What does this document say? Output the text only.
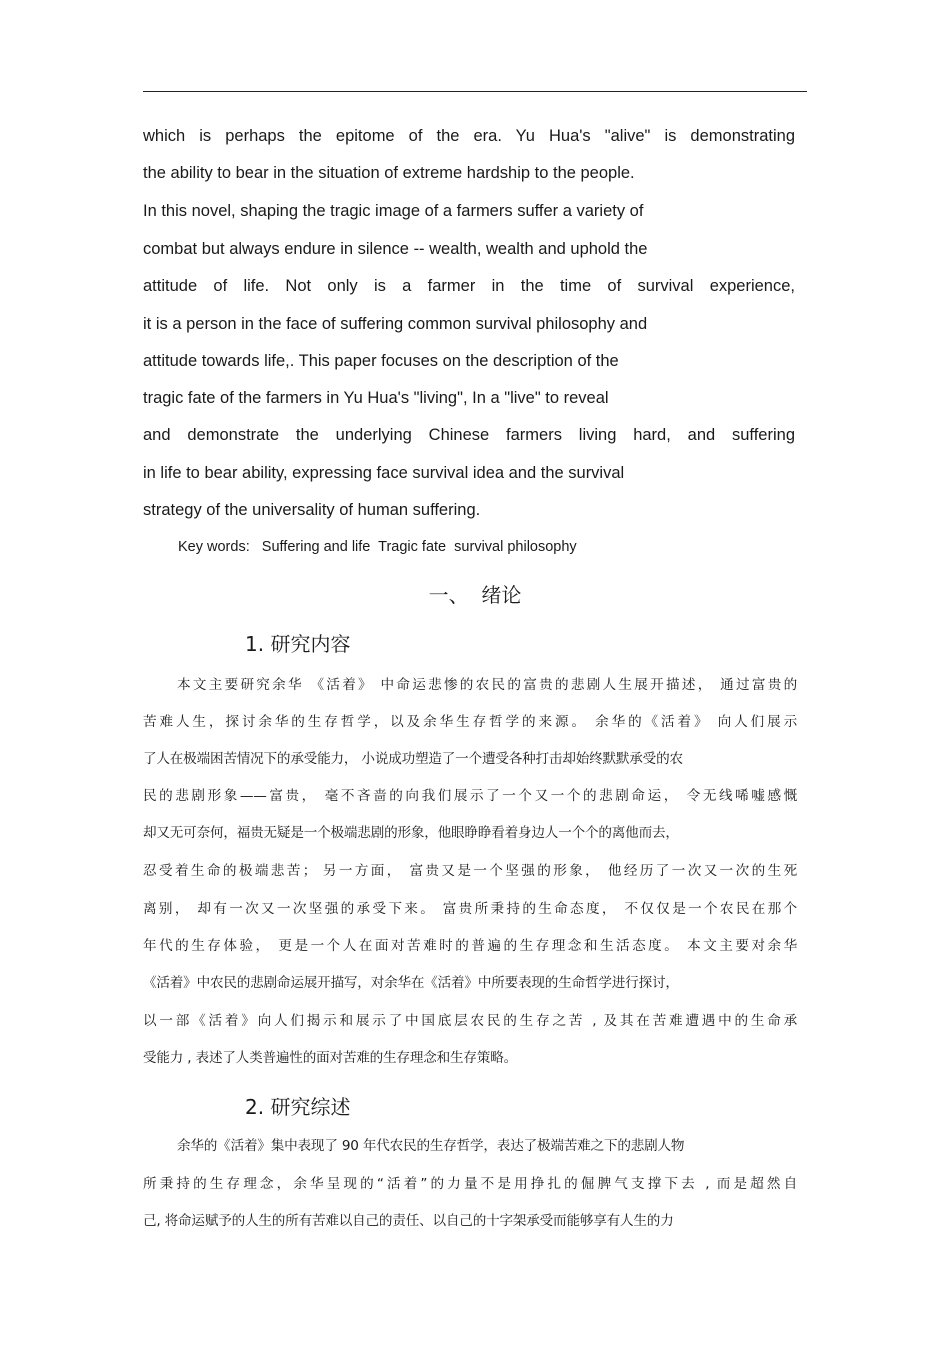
which is perhaps the epitome of the era. Yu Hua's "alive" is demonstrating
the ability to bear in the situation of extreme hardship to the people.
In this novel, shaping the tragic image of a farmers suffer a variety of
combat but always endure in silence -- wealth, wealth and uphold the
attitude of life. Not only is a farmer in the time of survival experience,
it is a person in the face of suffering common survival philosophy and
attitude towards life,. This paper focuses on the description of the
tragic fate of the farmers in Yu Hua's "living", In a "live" to reveal
and demonstrate the underlying Chinese farmers living hard, and suffering
in life to bear ability, expressing face survival idea and the survival
strategy of the universality of human suffering.
Key words:   Suffering and life  Tragic fate  survival philosophy
一、  绪论
1. 研究内容
本文主要研究余华 《活着》 中命运悲惨的农民的富贵的悲剧人生展开描述， 通过富贵的
苦难人生，探讨余华的生存哲学，以及余华生存哲学的来源。 余华的《活着》 向人们展示
了人在极端困苦情况下的承受能力， 小说成功塑造了一个遭受各种打击却始终默默承受的农
民的悲剧形象——富贵， 毫不吝啬的向我们展示了一个又一个的悲剧命运， 令无线唏嘘感慨
却又无可奈何，福贵无疑是一个极端悲剧的形象，他眼睁睁看着身边人一个个的离他而去，
忍受着生命的极端悲苦； 另一方面， 富贵又是一个坚强的形象， 他经历了一次又一次的生死
离别， 却有一次又一次坚强的承受下来。 富贵所秉持的生命态度， 不仅仅是一个农民在那个
年代的生存体验， 更是一个人在面对苦难时的普遍的生存理念和生活态度。 本文主要对余华
《活着》中农民的悲剧命运展开描写，对余华在《活着》中所要表现的生命哲学进行探讨，
以一部《活着》向人们揭示和展示了中国底层农民的生存之苦 , 及其在苦难遭遇中的生命承
受能力 , 表述了人类普遍性的面对苦难的生存理念和生存策略。
2. 研究综述
余华的《活着》集中表现了 90 年代农民的生存哲学，表达了极端苦难之下的悲剧人物
所秉持的生存理念，余华呈现的“活着”的力量不是用挣扎的倔脾气支撑下去 , 而是超然自
己, 将命运赋予的人生的所有苦难以自己的责任、以自己的十字架承受而能够享有人生的力
